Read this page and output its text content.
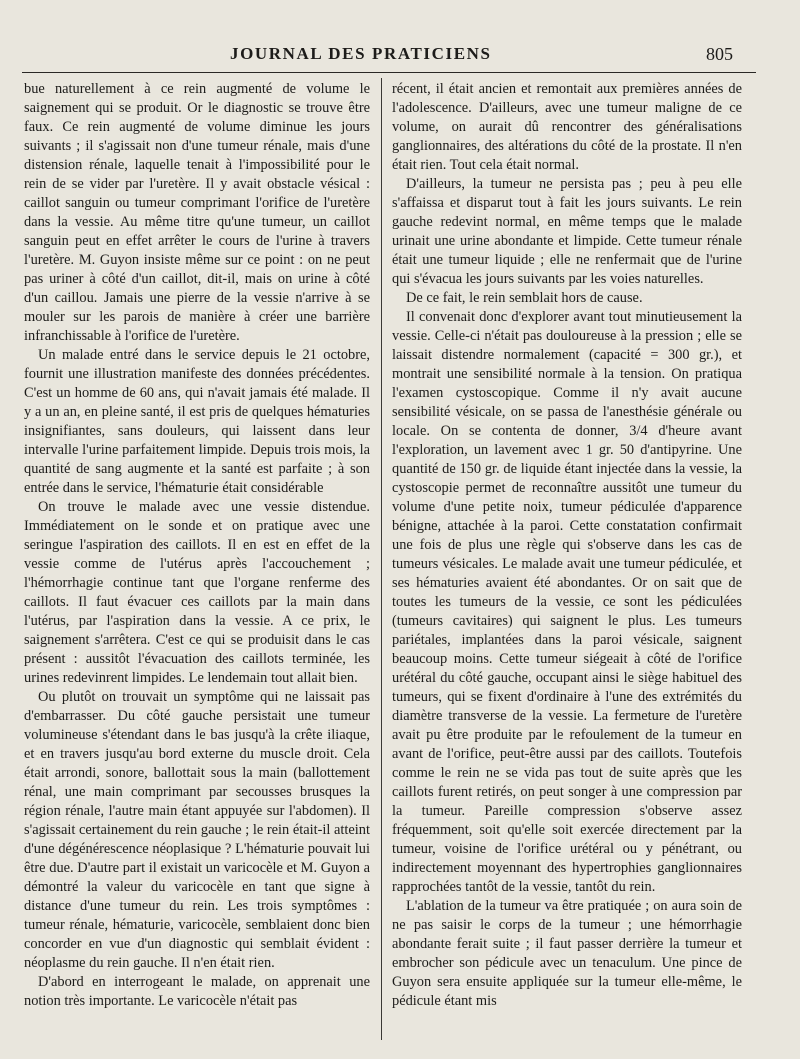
JOURNAL DES PRATICIENS	805

bue naturellement à ce rein augmenté de volume le saignement qui se produit. Or le diagnostic se trouve être faux. Ce rein augmenté de volume diminue les jours suivants ; il s'agissait non d'une tumeur rénale, mais d'une distension rénale, laquelle tenait à l'impossibilité pour le rein de se vider par l'uretère. Il y avait obstacle vésical : caillot sanguin ou tumeur comprimant l'orifice de l'uretère dans la vessie. Au même titre qu'une tumeur, un caillot sanguin peut en effet arrêter le cours de l'urine à travers l'uretère. M. Guyon insiste même sur ce point : on ne peut pas uriner à côté d'un caillot, dit-il, mais on urine à côté d'un caillou. Jamais une pierre de la vessie n'arrive à se mouler sur les parois de manière à créer une barrière infranchissable à l'orifice de l'uretère.

Un malade entré dans le service depuis le 21 octobre, fournit une illustration manifeste des données précédentes. C'est un homme de 60 ans, qui n'avait jamais été malade. Il y a un an, en pleine santé, il est pris de quelques hématuries insignifiantes, sans douleurs, qui laissent dans leur intervalle l'urine parfaitement limpide. Depuis trois mois, la quantité de sang augmente et la santé est parfaite ; à son entrée dans le service, l'hématurie était considérable

On trouve le malade avec une vessie distendue. Immédiatement on le sonde et on pratique avec une seringue l'aspiration des caillots. Il en est en effet de la vessie comme de l'utérus après l'accouchement ; l'hémorrhagie continue tant que l'organe renferme des caillots. Il faut évacuer ces caillots par la main dans l'utérus, par l'aspiration dans la vessie. A ce prix, le saignement s'arrêtera. C'est ce qui se produisit dans le cas présent : aussitôt l'évacuation des caillots terminée, les urines redevinrent limpides. Le lendemain tout allait bien.

Ou plutôt on trouvait un symptôme qui ne laissait pas d'embarrasser. Du côté gauche persistait une tumeur volumineuse s'étendant dans le bas jusqu'à la crête iliaque, et en travers jusqu'au bord externe du muscle droit. Cela était arrondi, sonore, ballottait sous la main (ballottement rénal, une main comprimant par secousses brusques la région rénale, l'autre main étant appuyée sur l'abdomen). Il s'agissait certainement du rein gauche ; le rein était-il atteint d'une dégénérescence néoplasique ? L'hématurie pouvait lui être due. D'autre part il existait un varicocèle et M. Guyon a démontré la valeur du varicocèle en tant que signe à distance d'une tumeur du rein. Les trois symptômes : tumeur rénale, hématurie, varicocèle, semblaient donc bien concorder en vue d'un diagnostic qui semblait évident : néoplasme du rein gauche. Il n'en était rien.

D'abord en interrogeant le malade, on apprenait une notion très importante. Le varicocèle n'était pas

récent, il était ancien et remontait aux premières années de l'adolescence. D'ailleurs, avec une tumeur maligne de ce volume, on aurait dû rencontrer des généralisations ganglionnaires, des altérations du côté de la prostate. Il n'en était rien. Tout cela était normal.

D'ailleurs, la tumeur ne persista pas ; peu à peu elle s'affaissa et disparut tout à fait les jours suivants. Le rein gauche redevint normal, en même temps que le malade urinait une urine abondante et limpide. Cette tumeur rénale était une tumeur liquide ; elle ne renfermait que de l'urine qui s'évacua les jours suivants par les voies naturelles.

De ce fait, le rein semblait hors de cause.

Il convenait donc d'explorer avant tout minutieusement la vessie. Celle-ci n'était pas douloureuse à la pression ; elle se laissait distendre normalement (capacité = 300 gr.), et montrait une sensibilité normale à la tension. On pratiqua l'examen cystoscopique. Comme il n'y avait aucune sensibilité vésicale, on se passa de l'anesthésie générale ou locale. On se contenta de donner, 3/4 d'heure avant l'exploration, un lavement avec 1 gr. 50 d'antipyrine. Une quantité de 150 gr. de liquide étant injectée dans la vessie, la cystoscopie permet de reconnaître aussitôt une tumeur du volume d'une petite noix, tumeur pédiculée d'apparence bénigne, attachée à la paroi. Cette constatation confirmait une fois de plus une règle qui s'observe dans les cas de tumeurs vésicales. Le malade avait une tumeur pédiculée, et ses hématuries avaient été abondantes. Or on sait que de toutes les tumeurs de la vessie, ce sont les pédiculées (tumeurs cavitaires) qui saignent le plus. Les tumeurs pariétales, implantées dans la paroi vésicale, saignent beaucoup moins. Cette tumeur siégeait à côté de l'orifice urétéral du côté gauche, occupant ainsi le siège habituel des tumeurs, qui se fixent d'ordinaire à l'une des extrémités du diamètre transverse de la vessie. La fermeture de l'uretère avait pu être produite par le refoulement de la tumeur en avant de l'orifice, peut-être aussi par des caillots. Toutefois comme le rein ne se vida pas tout de suite après que les caillots furent retirés, on peut songer à une compression par la tumeur. Pareille compression s'observe assez fréquemment, soit qu'elle soit exercée directement par la tumeur, voisine de l'orifice urétéral ou y pénétrant, ou indirectement moyennant des hypertrophies ganglionnaires rapprochées tantôt de la vessie, tantôt du rein.

L'ablation de la tumeur va être pratiquée ; on aura soin de ne pas saisir le corps de la tumeur ; une hémorrhagie abondante ferait suite ; il faut passer derrière la tumeur et embrocher son pédicule avec un tenaculum. Une pince de Guyon sera ensuite appliquée sur la tumeur elle-même, le pédicule étant mis
